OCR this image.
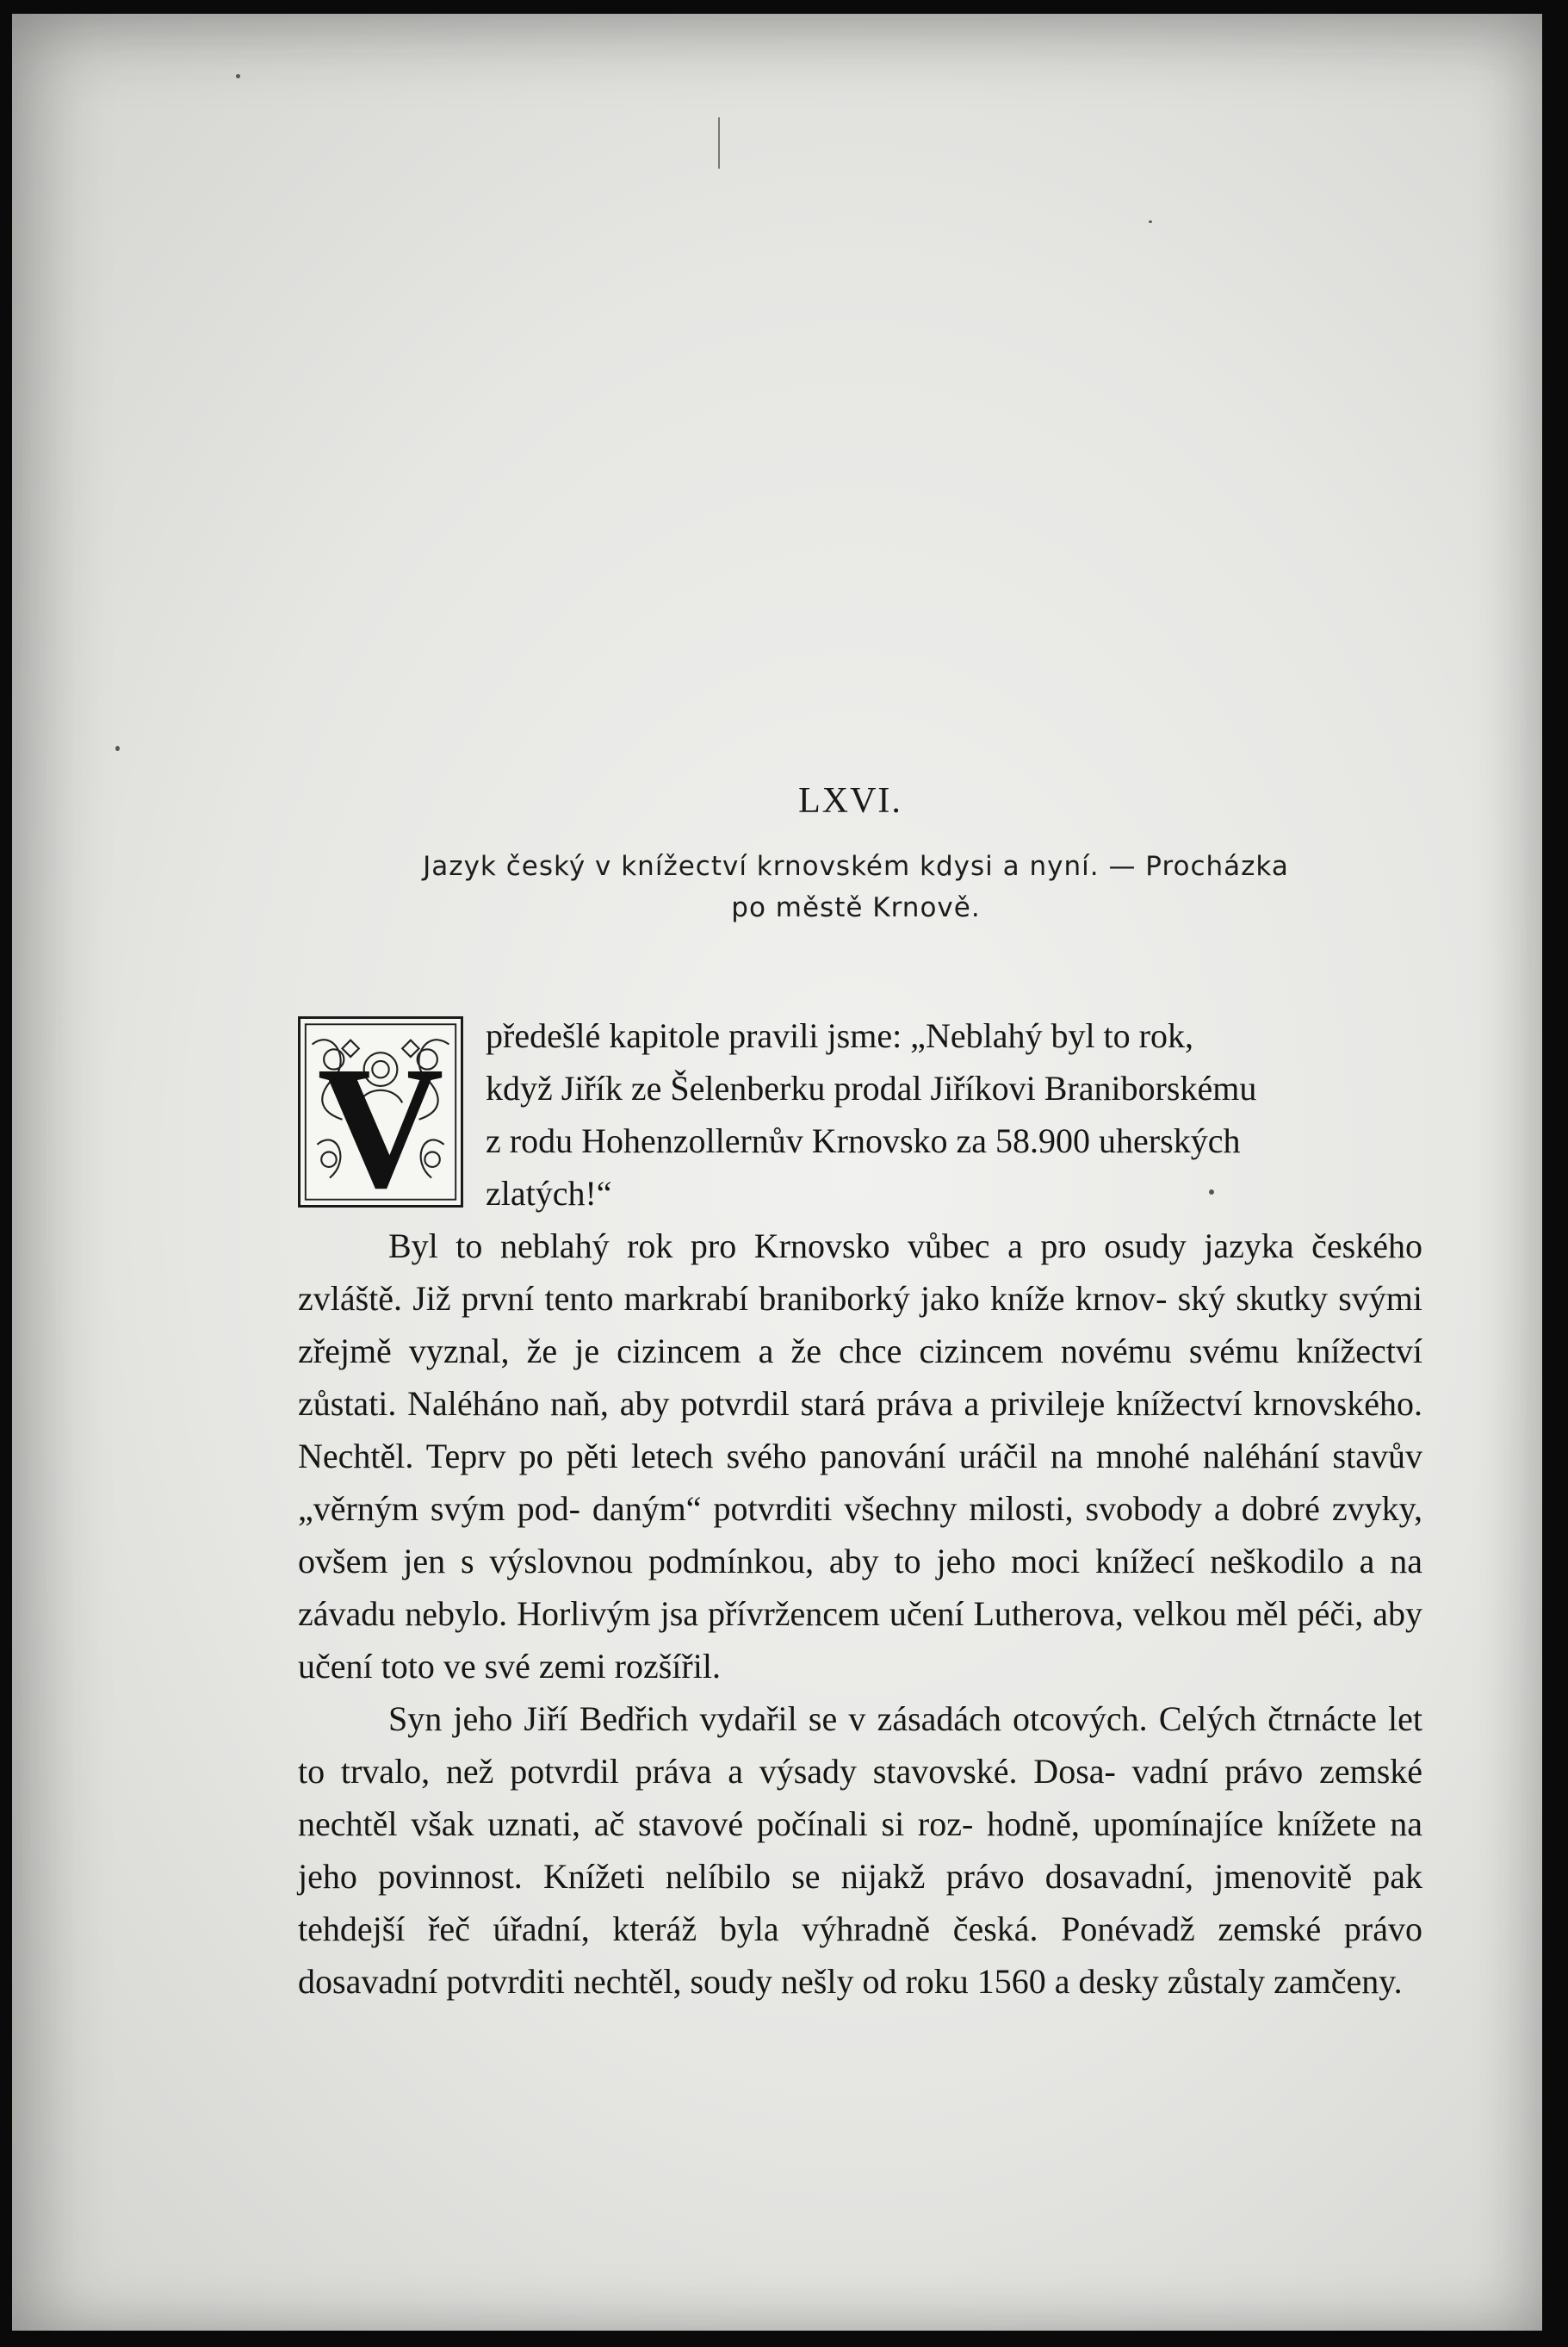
LXVI.
Jazyk český v knížectví krnovském kdysi a nyní. — Procházka
po městě Krnově.
V	předešlé kapitole pravili jsme: „Neblahý byl to rok,
když Jiřík ze Šelenberku prodal Jiříkovi Braniborskému
z rodu Hohenzollernův Krnovsko za 58.900 uherských
zlatých!“

Byl to neblahý rok pro Krnovsko vůbec a pro osudy jazyka českého zvláště. Již první tento markrabí braniborký jako kníže krnov- ský skutky svými zřejmě vyznal, že je cizincem a že chce cizincem novému svému knížectví zůstati. Naléháno naň, aby potvrdil stará práva a privileje knížectví krnovského. Nechtěl. Teprv po pěti letech svého panování uráčil na mnohé naléhání stavův „věrným svým pod- daným“ potvrditi všechny milosti, svobody a dobré zvyky, ovšem jen s výslovnou podmínkou, aby to jeho moci knížecí neškodilo a na závadu nebylo. Horlivým jsa přívržencem učení Lutherova, velkou měl péči, aby učení toto ve své zemi rozšířil.

Syn jeho Jiří Bedřich vydařil se v zásadách otcových. Celých čtrnácte let to trvalo, než potvrdil práva a výsady stavovské. Dosa- vadní právo zemské nechtěl však uznati, ač stavové počínali si roz- hodně, upomínajíce knížete na jeho povinnost. Knížeti nelíbilo se nijakž právo dosavadní, jmenovitě pak tehdejší řeč úřadní, kteráž byla výhradně česká. Ponévadž zemské právo dosavadní potvrditi nechtěl, soudy nešly od roku 1560 a desky zůstaly zamčeny.
